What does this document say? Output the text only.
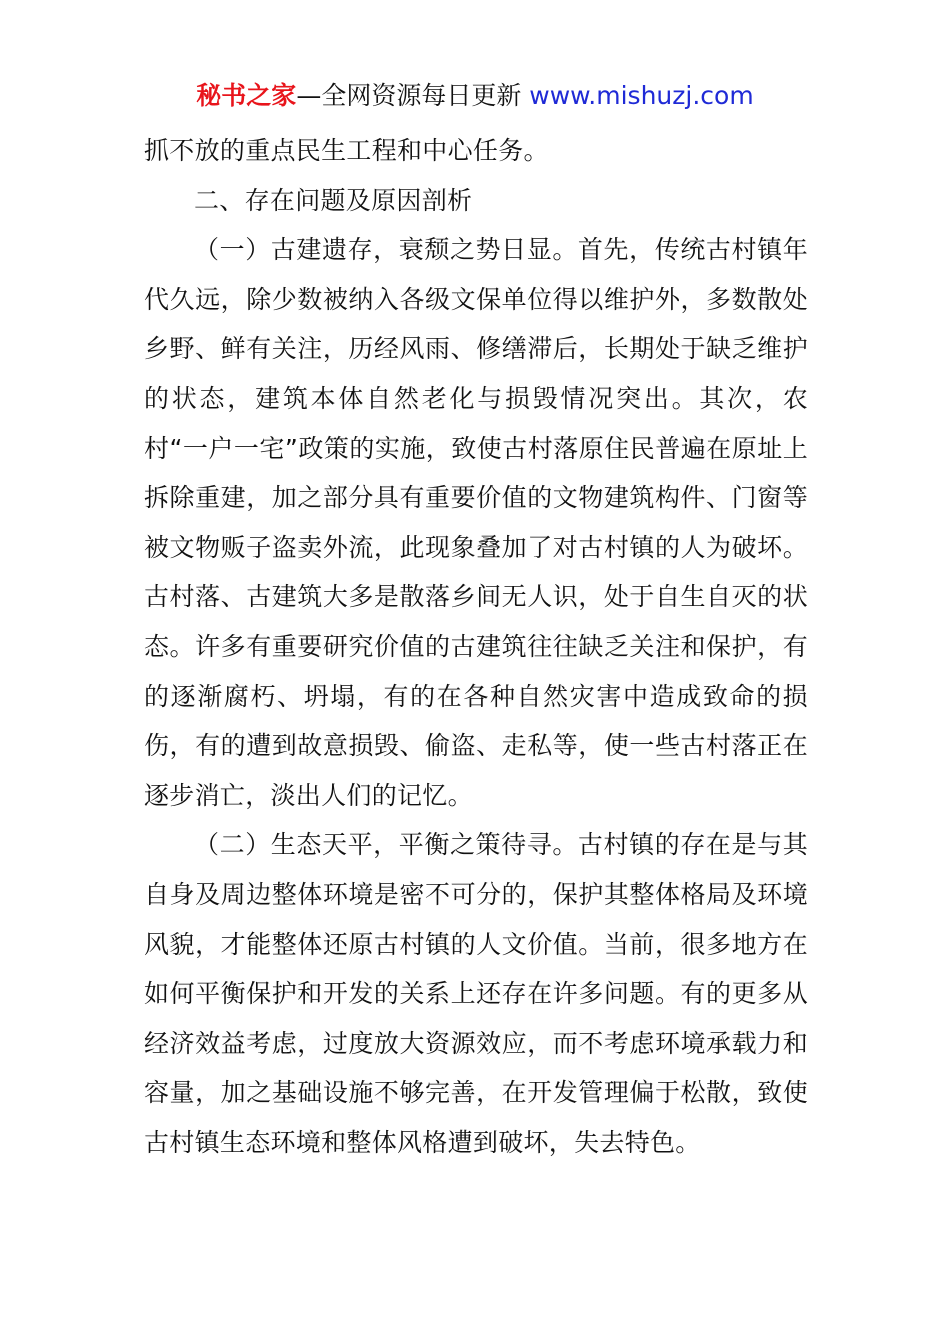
秘书之家—全网资源每日更新 www.mishuzj.com

抓不放的重点民生工程和中心任务。

二、存在问题及原因剖析

（一）古建遗存，衰颓之势日显。首先，传统古村镇年代久远，除少数被纳入各级文保单位得以维护外，多数散处乡野、鲜有关注，历经风雨、修缮滞后，长期处于缺乏维护的状态，建筑本体自然老化与损毁情况突出。其次，农村“一户一宅”政策的实施，致使古村落原住民普遍在原址上拆除重建，加之部分具有重要价值的文物建筑构件、门窗等被文物贩子盗卖外流，此现象叠加了对古村镇的人为破坏。古村落、古建筑大多是散落乡间无人识，处于自生自灭的状态。许多有重要研究价值的古建筑往往缺乏关注和保护，有的逐渐腐朽、坍塌，有的在各种自然灾害中造成致命的损伤，有的遭到故意损毁、偷盗、走私等，使一些古村落正在逐步消亡，淡出人们的记忆。

（二）生态天平，平衡之策待寻。古村镇的存在是与其自身及周边整体环境是密不可分的，保护其整体格局及环境风貌，才能整体还原古村镇的人文价值。当前，很多地方在如何平衡保护和开发的关系上还存在许多问题。有的更多从经济效益考虑，过度放大资源效应，而不考虑环境承载力和容量，加之基础设施不够完善，在开发管理偏于松散，致使古村镇生态环境和整体风格遭到破坏，失去特色。
